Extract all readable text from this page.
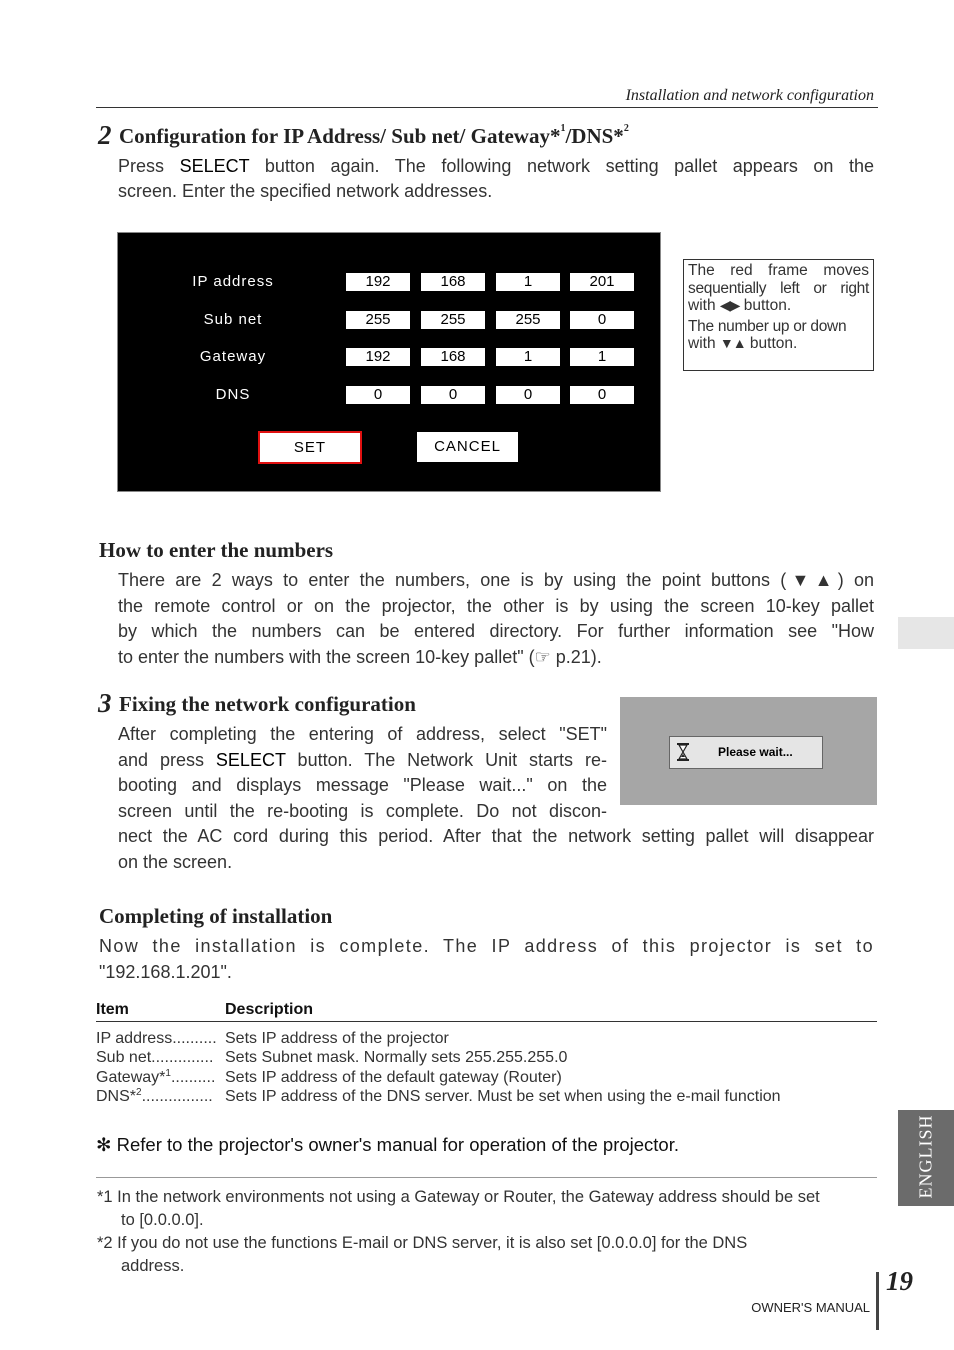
Installation and network configuration
2 Configuration for IP Address/ Sub net/ Gateway*$^1$/DNS*$^2$
Press SELECT button again. The following network setting pallet appears on the
screen. Enter the specified network addresses.
IP address	192	168	1	201
Sub net	255	255	255	0
Gateway	192	168	1	1
DNS	0	0	0	0
SET	CANCEL
The red frame moves
sequentially left or right
with ◀▶ button.
The number up or down
with ▼▲ button.
How to enter the numbers
There are 2 ways to enter the numbers, one is by using the point buttons (▼▲) on
the remote control or on the projector, the other is by using the screen 10-key pallet
by which the numbers can be entered directory. For further information see "How
to enter the numbers with the screen 10-key pallet" (☞ p.21).
3 Fixing the network configuration
After completing the entering of address, select "SET"
and press SELECT button. The Network Unit starts re-
booting and displays message "Please wait..." on the
screen until the re-booting is complete. Do not discon-
nect the AC cord during this period. After that the network setting pallet will disappear
on the screen.
Please wait...
Completing of installation
Now the installation is complete. The IP address of this projector is set to
"192.168.1.201".
Item	Description
IP address.......... Sets IP address of the projector
Sub net.............. Sets Subnet mask. Normally sets 255.255.255.0
Gateway*$^1$.......... Sets IP address of the default gateway (Router)
DNS*$^2$................ Sets IP address of the DNS server. Must be set when using the e-mail function
✻ Refer to the projector's owner's manual for operation of the projector.
*1 In the network environments not using a Gateway or Router, the Gateway address should be set
to [0.0.0.0].
*2 If you do not use the functions E-mail or DNS server, it is also set [0.0.0.0] for the DNS
address.
ENGLISH
19
OWNER'S MANUAL
